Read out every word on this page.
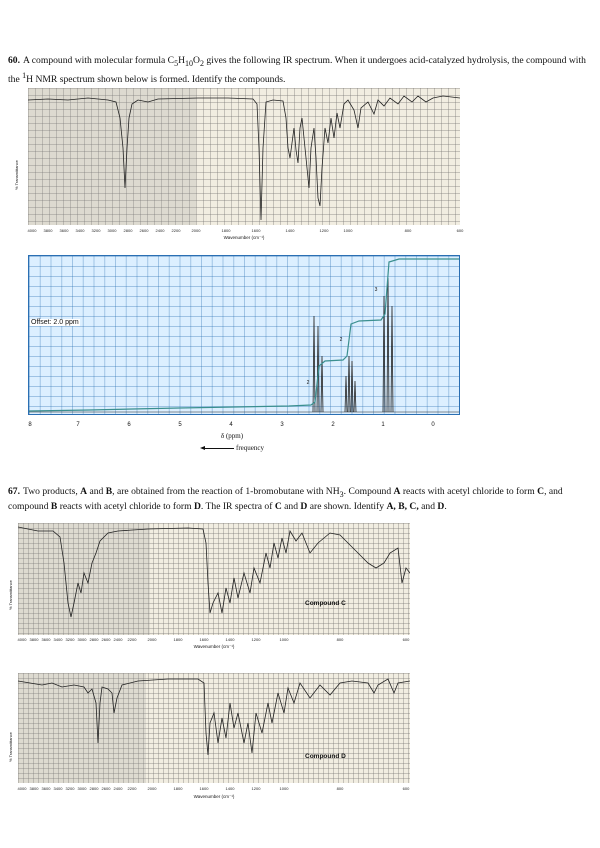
60. A compound with molecular formula $C_5H_{10}O_2$ gives the following IR spectrum. When it undergoes acid-catalyzed hydrolysis, the compound with the $^1$H NMR spectrum shown below is formed. Identify the compounds.
4000 3800 3600 3400 3200 3000 2800 2600 2400 2200	2000	1800	1600	1400	1200	1000	800	600
Wavenumber (cm⁻¹)
% Transmittance
Offset: 2.0 ppm
8	7	6	5	4	3	2	1	0
δ (ppm)
frequency
2
2
3
67. Two products, A and B, are obtained from the reaction of 1-bromobutane with $NH_3$. Compound A reacts with acetyl chloride to form C, and compound B reacts with acetyl chloride to form D. The IR spectra of C and D are shown. Identify A, B, C, and D.
Compound C
4000 3800 3600 3400 3200 3000 2800 2600 2400 2200	2000	1800	1600	1400	1200	1000	800	600
Wavenumber (cm⁻¹)
% Transmittance
Compound D
4000 3800 3600 3400 3200 3000 2800 2600 2400 2200	2000	1800	1600	1400	1200	1000	800	600
Wavenumber (cm⁻¹)
% Transmittance
